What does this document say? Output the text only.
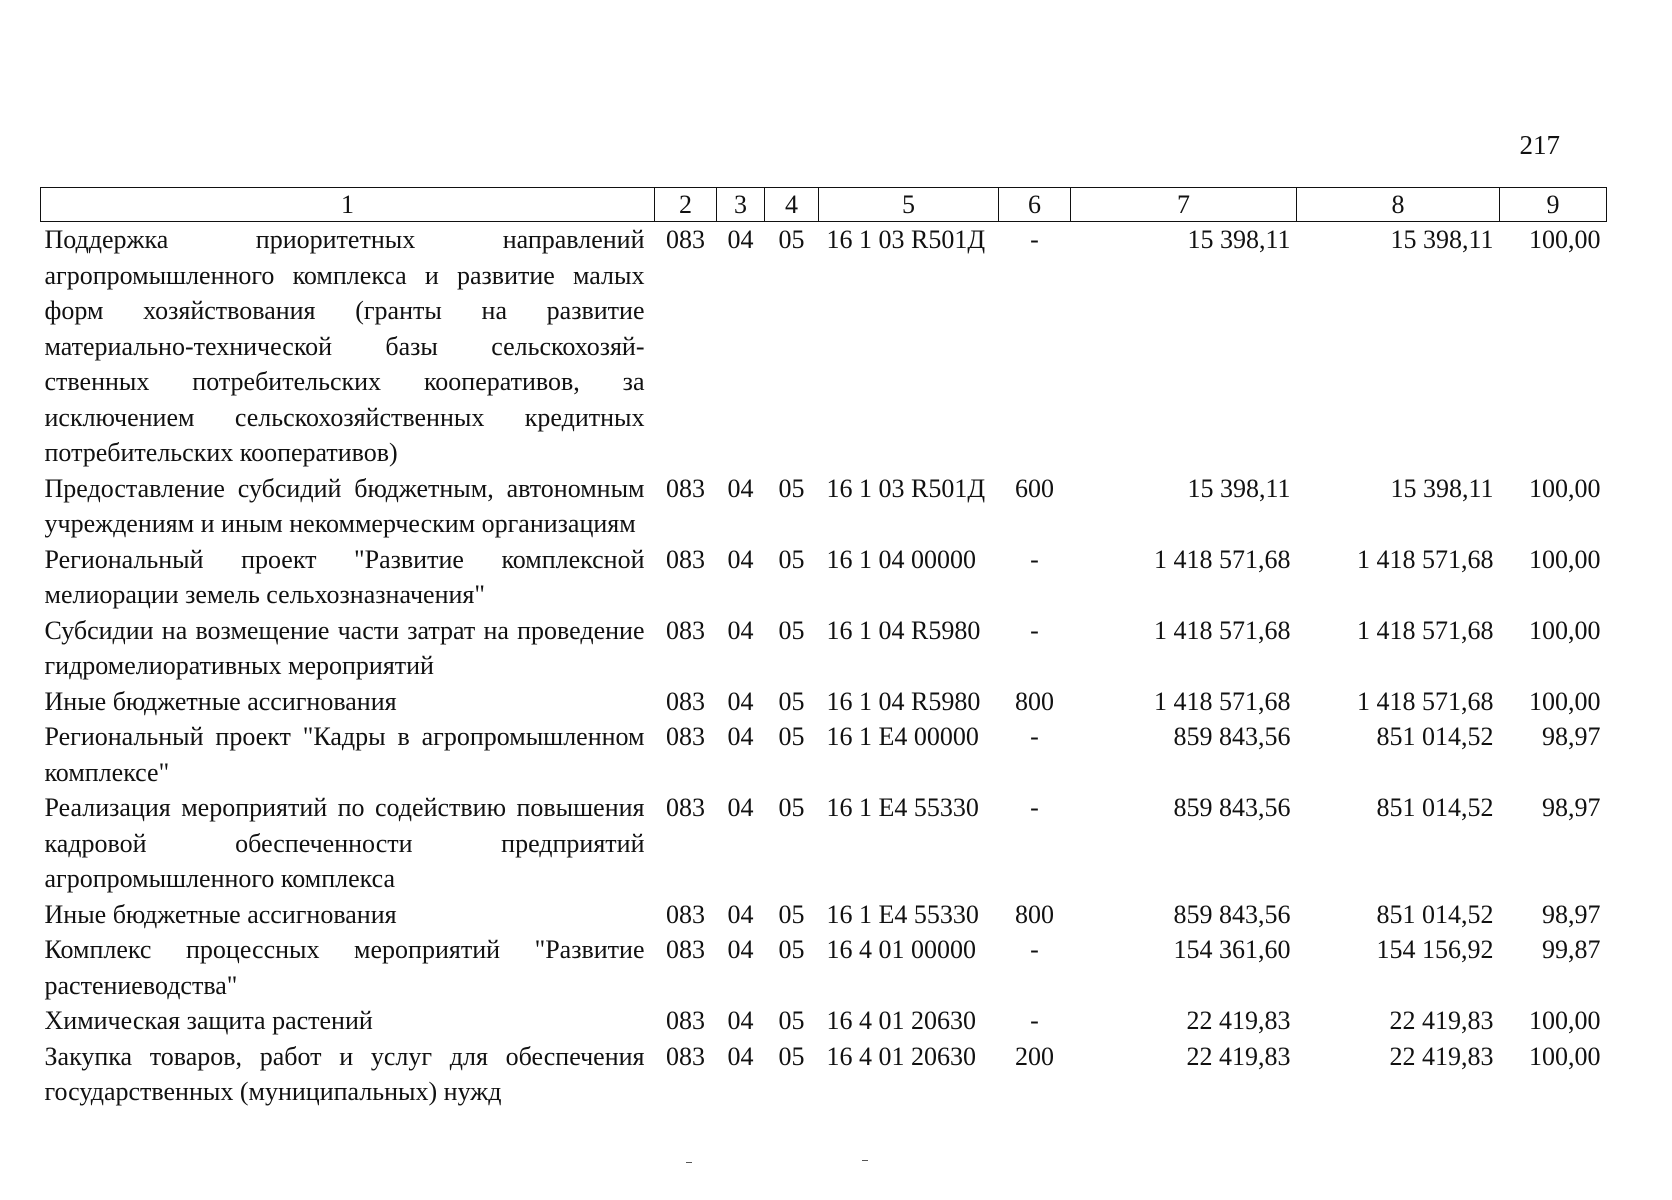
217
1	2	3	4	5	6	7	8	9
Поддержка приоритетных направлений агропромышленного комплекса и развитие малых форм хозяйствования (гранты на развитие материально-технической базы сельскохозяй-ственных потребительских кооперативов, за исключением сельскохозяйственных кредитных потребительских кооперативов)	083	04	05	16 1 03 R501Д	-	15 398,11	15 398,11	100,00
Предоставление субсидий бюджетным, автономным учреждениям и иным некоммерческим организациям	083	04	05	16 1 03 R501Д	600	15 398,11	15 398,11	100,00
Региональный проект "Развитие комплексной мелиорации земель сельхозназначения"	083	04	05	16 1 04 00000	-	1 418 571,68	1 418 571,68	100,00
Субсидии на возмещение части затрат на проведение гидромелиоративных мероприятий	083	04	05	16 1 04 R5980	-	1 418 571,68	1 418 571,68	100,00
Иные бюджетные ассигнования	083	04	05	16 1 04 R5980	800	1 418 571,68	1 418 571,68	100,00
Региональный проект "Кадры в агропромышленном комплексе"	083	04	05	16 1 E4 00000	-	859 843,56	851 014,52	98,97
Реализация мероприятий по содействию повышения кадровой обеспеченности предприятий агропромышленного комплекса	083	04	05	16 1 E4 55330	-	859 843,56	851 014,52	98,97
Иные бюджетные ассигнования	083	04	05	16 1 E4 55330	800	859 843,56	851 014,52	98,97
Комплекс процессных мероприятий "Развитие растениеводства"	083	04	05	16 4 01 00000	-	154 361,60	154 156,92	99,87
Химическая защита растений	083	04	05	16 4 01 20630	-	22 419,83	22 419,83	100,00
Закупка товаров, работ и услуг для обеспечения государственных (муниципальных) нужд	083	04	05	16 4 01 20630	200	22 419,83	22 419,83	100,00
